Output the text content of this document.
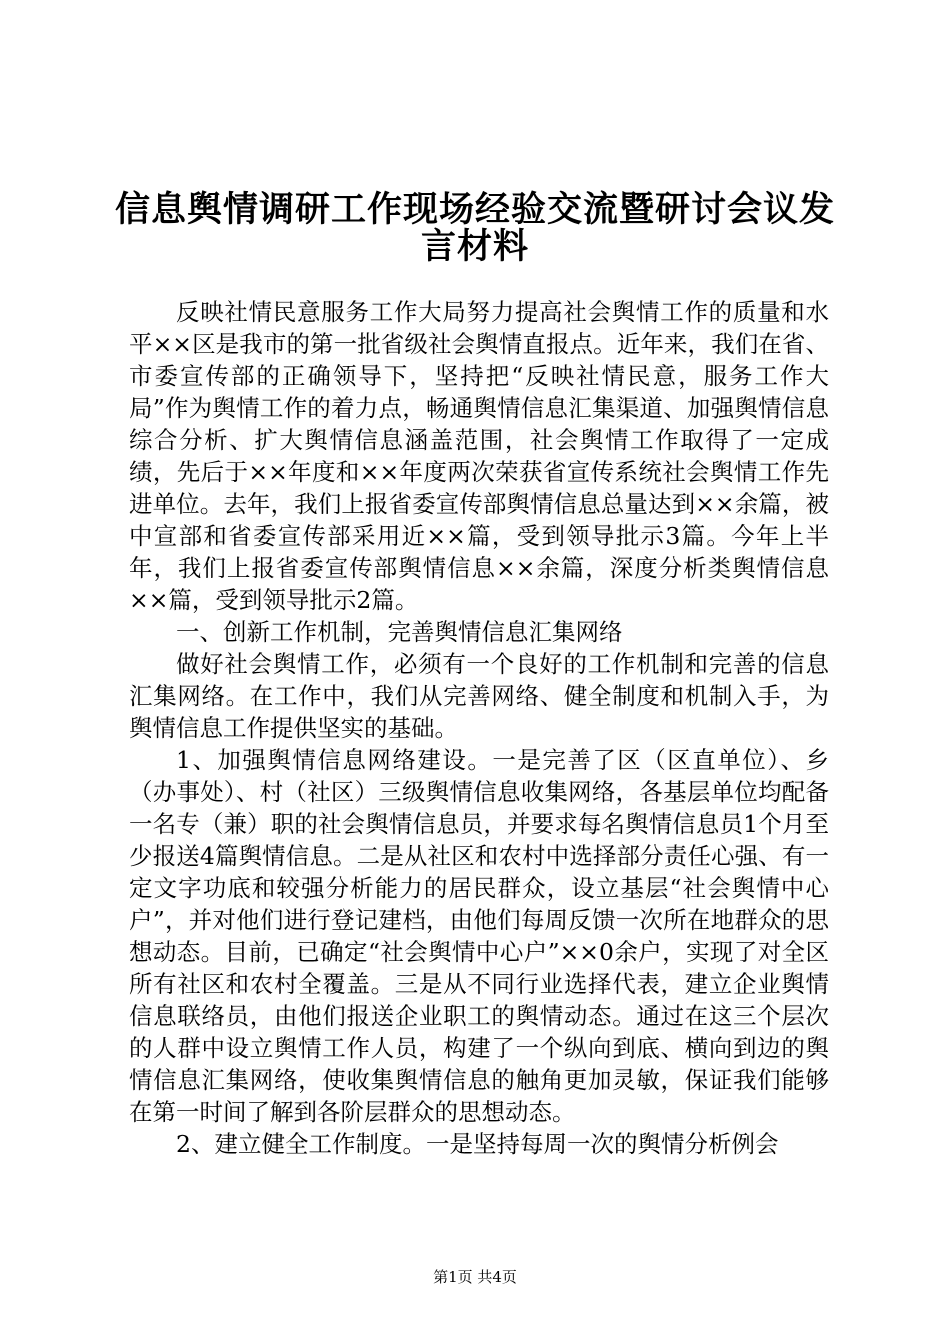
信息舆情调研工作现场经验交流暨研讨会议发
言材料

反映社情民意服务工作大局努力提高社会舆情工作的质量和水平××区是我市的第一批省级社会舆情直报点。近年来，我们在省、市委宣传部的正确领导下，坚持把“反映社情民意，服务工作大局”作为舆情工作的着力点，畅通舆情信息汇集渠道、加强舆情信息综合分析、扩大舆情信息涵盖范围，社会舆情工作取得了一定成绩，先后于××年度和××年度两次荣获省宣传系统社会舆情工作先进单位。去年，我们上报省委宣传部舆情信息总量达到××余篇，被中宣部和省委宣传部采用近××篇，受到领导批示3篇。今年上半年，我们上报省委宣传部舆情信息××余篇，深度分析类舆情信息××篇，受到领导批示2篇。

一、创新工作机制，完善舆情信息汇集网络

做好社会舆情工作，必须有一个良好的工作机制和完善的信息汇集网络。在工作中，我们从完善网络、健全制度和机制入手，为舆情信息工作提供坚实的基础。

1、加强舆情信息网络建设。一是完善了区（区直单位）、乡（办事处）、村（社区）三级舆情信息收集网络，各基层单位均配备一名专（兼）职的社会舆情信息员，并要求每名舆情信息员1个月至少报送4篇舆情信息。二是从社区和农村中选择部分责任心强、有一定文字功底和较强分析能力的居民群众，设立基层“社会舆情中心户”，并对他们进行登记建档，由他们每周反馈一次所在地群众的思想动态。目前，已确定“社会舆情中心户”××0余户，实现了对全区所有社区和农村全覆盖。三是从不同行业选择代表，建立企业舆情信息联络员，由他们报送企业职工的舆情动态。通过在这三个层次的人群中设立舆情工作人员，构建了一个纵向到底、横向到边的舆情信息汇集网络，使收集舆情信息的触角更加灵敏，保证我们能够在第一时间了解到各阶层群众的思想动态。

2、建立健全工作制度。一是坚持每周一次的舆情分析例会

第1页 共4页
